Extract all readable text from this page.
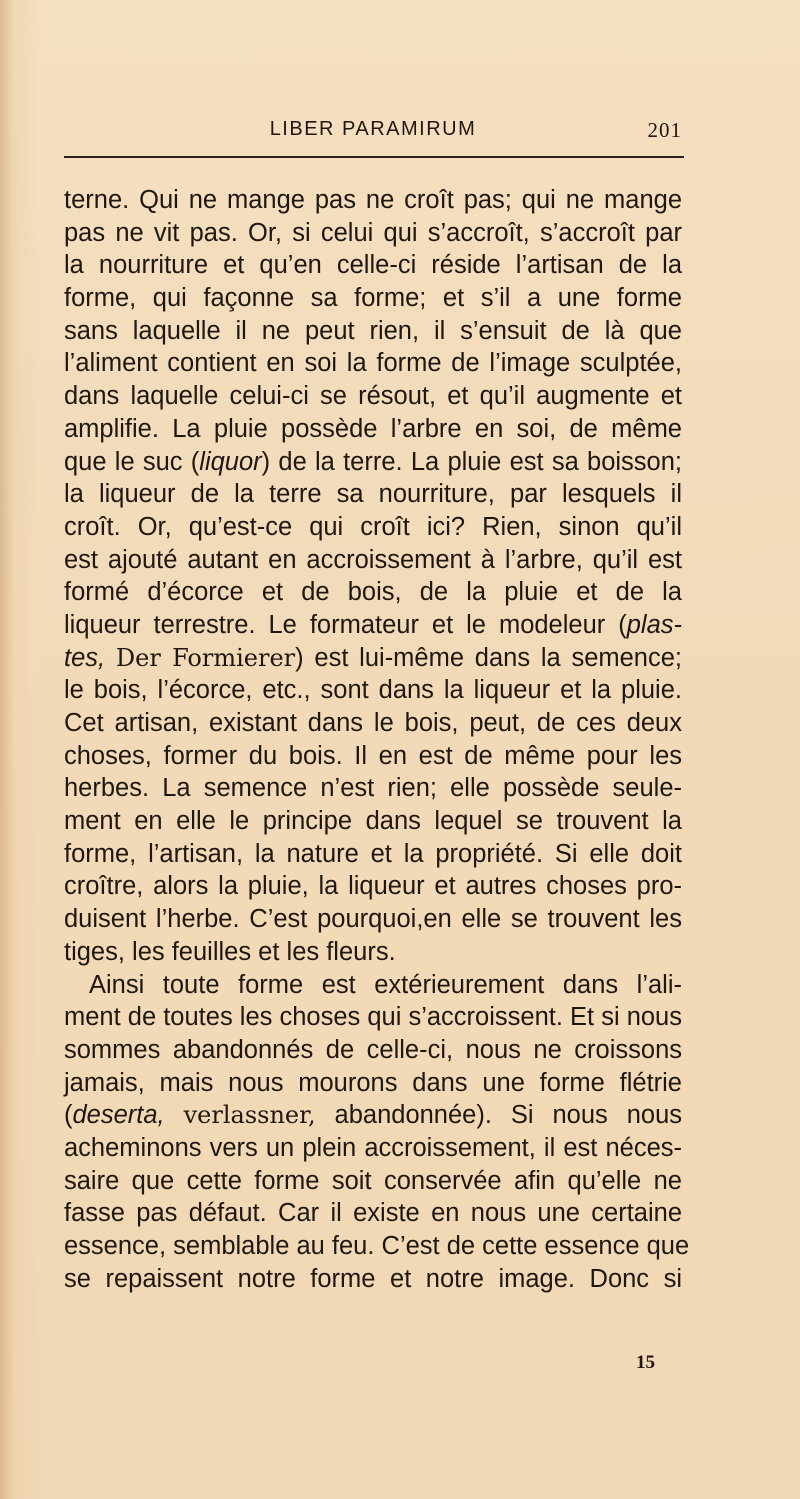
LIBER PARAMIRUM	201
terne. Qui ne mange pas ne croît pas; qui ne mange
pas ne vit pas. Or, si celui qui s’accroît, s’accroît par
la nourriture et qu’en celle-ci réside l’artisan de la
forme, qui façonne sa forme; et s’il a une forme
sans laquelle il ne peut rien, il s’ensuit de là que
l’aliment contient en soi la forme de l’image sculptée,
dans laquelle celui-ci se résout, et qu’il augmente et
amplifie. La pluie possède l’arbre en soi, de même
que le suc (liquor) de la terre. La pluie est sa boisson;
la liqueur de la terre sa nourriture, par lesquels il
croît. Or, qu’est-ce qui croît ici? Rien, sinon qu’il
est ajouté autant en accroissement à l’arbre, qu’il est
formé d’écorce et de bois, de la pluie et de la
liqueur terrestre. Le formateur et le modeleur (plas-
tes, Der Formierer) est lui-même dans la semence;
le bois, l’écorce, etc., sont dans la liqueur et la pluie.
Cet artisan, existant dans le bois, peut, de ces deux
choses, former du bois. Il en est de même pour les
herbes. La semence n’est rien; elle possède seule-
ment en elle le principe dans lequel se trouvent la
forme, l’artisan, la nature et la propriété. Si elle doit
croître, alors la pluie, la liqueur et autres choses pro-
duisent l’herbe. C’est pourquoi,en elle se trouvent les
tiges, les feuilles et les fleurs.
Ainsi toute forme est extérieurement dans l’ali-
ment de toutes les choses qui s’accroissent. Et si nous
sommes abandonnés de celle-ci, nous ne croissons
jamais, mais nous mourons dans une forme flétrie
(deserta, verlassner, abandonnée). Si nous nous
acheminons vers un plein accroissement, il est néces-
saire que cette forme soit conservée afin qu’elle ne
fasse pas défaut. Car il existe en nous une certaine
essence, semblable au feu. C’est de cette essence que
se repaissent notre forme et notre image. Donc si
15
